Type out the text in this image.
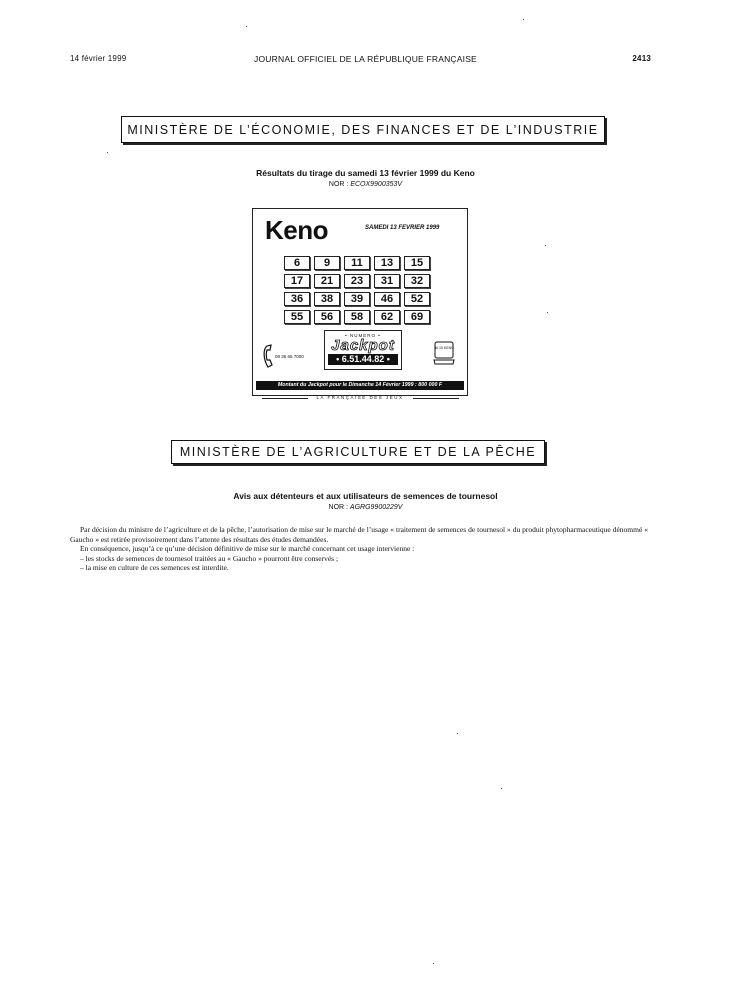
14 février 1999	JOURNAL OFFICIEL DE LA RÉPUBLIQUE FRANÇAISE	2413
MINISTÈRE DE L’ÉCONOMIE, DES FINANCES ET DE L’INDUSTRIE
Résultats du tirage du samedi 13 février 1999 du Keno
NOR : ECOX9900353V
Keno	SAMEDI 13 FEVRIER 1999
6	9	11	13	15
17	21	23	31	32
36	38	39	46	52
55	56	58	62	69
08 36 65 7000
• NUMERO •
Jackpot
• 6.51.44.82 •
36 15 KENO
Montant du Jackpot pour le Dimanche 14 Février 1999 : 800 000 F
LA FRANÇAISE DES JEUX
MINISTÈRE DE L’AGRICULTURE ET DE LA PÊCHE
Avis aux détenteurs et aux utilisateurs de semences de tournesol
NOR : AGRG9900229V

Par décision du ministre de l’agriculture et de la pêche, l’autorisation de mise sur le marché de l’usage « traitement de semences de tournesol » du produit phytopharmaceutique dénommé « Gaucho » est retirée provisoirement dans l’attente des résultats des études demandées.

En conséquence, jusqu’à ce qu’une décision définitive de mise sur le marché concernant cet usage intervienne :

– les stocks de semences de tournesol traitées au « Gaucho » pourront être conservés ;

– la mise en culture de ces semences est interdite.
